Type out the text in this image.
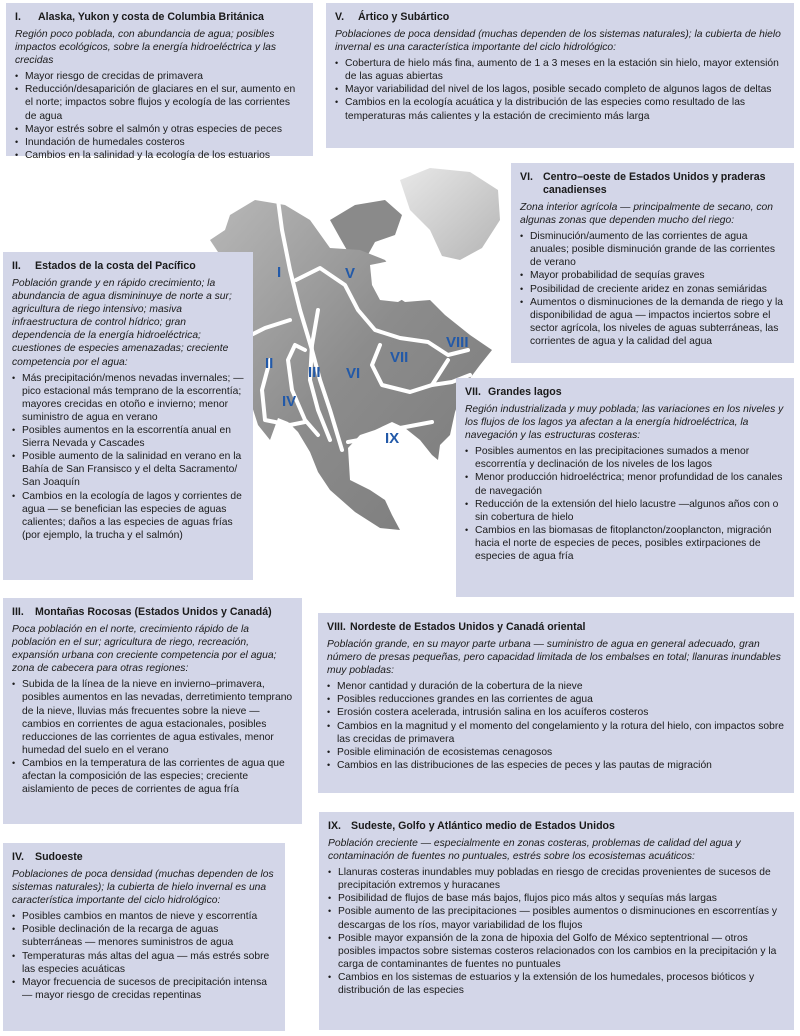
I
II
III
IV
V
VI
VII
VIII
IX
I.	Alaska, Yukon y costa de Columbia Británica

Región poco poblada, con abundancia de agua; posibles impactos ecológicos, sobre la energía hidroeléctrica y las crecidas

• Mayor riesgo de crecidas de primavera
• Reducción/desaparición de glaciares en el sur, aumento en el norte; impactos sobre flujos y ecología de las corrientes de agua
• Mayor estrés sobre el salmón y otras especies de peces
• Inundación de humedales costeros
• Cambios en la salinidad y la ecología de los estuarios
V.	Ártico y Subártico

Poblaciones de poca densidad (muchas dependen de los sistemas naturales); la cubierta de hielo invernal es una característica importante del ciclo hidrológico:

• Cobertura de hielo más fina, aumento de 1 a 3 meses en la estación sin hielo, mayor extensión de las aguas abiertas
• Mayor variabilidad del nivel de los lagos, posible secado completo de algunos lagos de deltas
• Cambios en la ecología acuática y la distribución de las especies como resultado de las temperaturas más calientes y la estación de crecimiento más larga
VI. Centro–oeste de Estados Unidos y praderas canadienses

Zona interior agrícola — principalmente de secano, con algunas zonas que dependen mucho del riego:

• Disminución/aumento de las corrientes de agua anuales; posible disminución grande de las corrientes de verano
• Mayor probabilidad de sequías graves
• Posibilidad de creciente aridez en zonas semiáridas
• Aumentos o disminuciones de la demanda de riego y la disponibilidad de agua — impactos inciertos sobre el sector agrícola, los niveles de aguas subterráneas, las corrientes de agua y la calidad del agua
II.	Estados de la costa del Pacífico

Población grande y en rápido crecimiento; la abundancia de agua dismininuye de norte a sur; agricultura de riego intensivo; masiva infraestructura de control hídrico; gran dependencia de la energía hidroeléctrica; cuestiones de especies amenazadas; creciente competencia por el agua:

• Más precipitación/menos nevadas invernales; — pico estacional más temprano de la escorrentía; mayores crecidas en otoño e invierno; menor suministro de agua en verano
• Posibles aumentos en la escorrentía anual en Sierra Nevada y Cascades
• Posible aumento de la salinidad en verano en la Bahía de San Fransisco y el delta Sacramento/ San Joaquín
• Cambios en la ecología de lagos y corrientes de agua — se benefician las especies de aguas calientes; daños a las especies de aguas frías (por ejemplo, la trucha y el salmón)
VII. Grandes lagos

Región industrializada y muy poblada; las variaciones en los niveles y los flujos de los lagos ya afectan a la energía hidroeléctrica, la navegación y las estructuras costeras:

• Posibles aumentos en las precipitaciones sumados a menor escorrentía y declinación de los niveles de los lagos
• Menor producción hidroeléctrica; menor profundidad de los canales de navegación
• Reducción de la extensión del hielo lacustre —algunos años con o sin cobertura de hielo
• Cambios en las biomasas de fitoplancton/zooplancton, migración hacia el norte de especies de peces, posibles extirpaciones de especies de agua fría
III.	Montañas Rocosas (Estados Unidos y Canadá)

Poca población en el norte, crecimiento rápido de la población en el sur; agricultura de riego, recreación, expansión urbana con creciente competencia por el agua; zona de cabecera para otras regiones:

• Subida de la línea de la nieve en invierno–primavera, posibles aumentos en las nevadas, derretimiento temprano de la nieve, lluvias más frecuentes sobre la nieve — cambios en corrientes de agua estacionales, posibles reducciones de las corrientes de agua estivales, menor humedad del suelo en el verano
• Cambios en la temperatura de las corrientes de agua que afectan la composición de las especies; creciente aislamiento de peces de corrientes de agua fría
VIII. Nordeste de Estados Unidos y Canadá oriental

Población grande, en su mayor parte urbana — suministro de agua en general adecuado, gran número de presas pequeñas, pero capacidad limitada de los embalses en total; llanuras inundables muy pobladas:

• Menor cantidad y duración de la cobertura de la nieve
• Posibles reducciones grandes en las corrientes de agua
• Erosión costera acelerada, intrusión salina en los acuíferos costeros
• Cambios en la magnitud y el momento del congelamiento y la rotura del hielo, con impactos sobre las crecidas de primavera
• Posible eliminación de ecosistemas cenagosos
• Cambios en las distribuciones de las especies de peces y las pautas de migración
IV.	Sudoeste

Poblaciones de poca densidad (muchas dependen de los sistemas naturales); la cubierta de hielo invernal es una característica importante del ciclo hidrológico:

• Posibles cambios en mantos de nieve y escorrentía
• Posible declinación de la recarga de aguas subterráneas — menores suministros de agua
• Temperaturas más altas del agua — más estrés sobre las especies acuáticas
• Mayor frecuencia de sucesos de precipitación intensa — mayor riesgo de crecidas repentinas
IX. Sudeste, Golfo y Atlántico medio de Estados Unidos

Población creciente — especialmente en zonas costeras, problemas de calidad del agua y contaminación de fuentes no puntuales, estrés sobre los ecosistemas acuáticos:

• Llanuras costeras inundables muy pobladas en riesgo de crecidas provenientes de sucesos de precipitación extremos y huracanes
• Posibilidad de flujos de base más bajos, flujos pico más altos y sequías más largas
• Posible aumento de las precipitaciones — posibles aumentos o disminuciones en escorrentías y descargas de los ríos, mayor variabilidad de los flujos
• Posible mayor expansión de la zona de hipoxia del Golfo de México septentrional — otros posibles impactos sobre sistemas costeros relacionados con los cambios en la precipitación y la carga de contaminantes de fuentes no puntuales
• Cambios en los sistemas de estuarios y la extensión de los humedales, procesos bióticos y distribución de las especies
